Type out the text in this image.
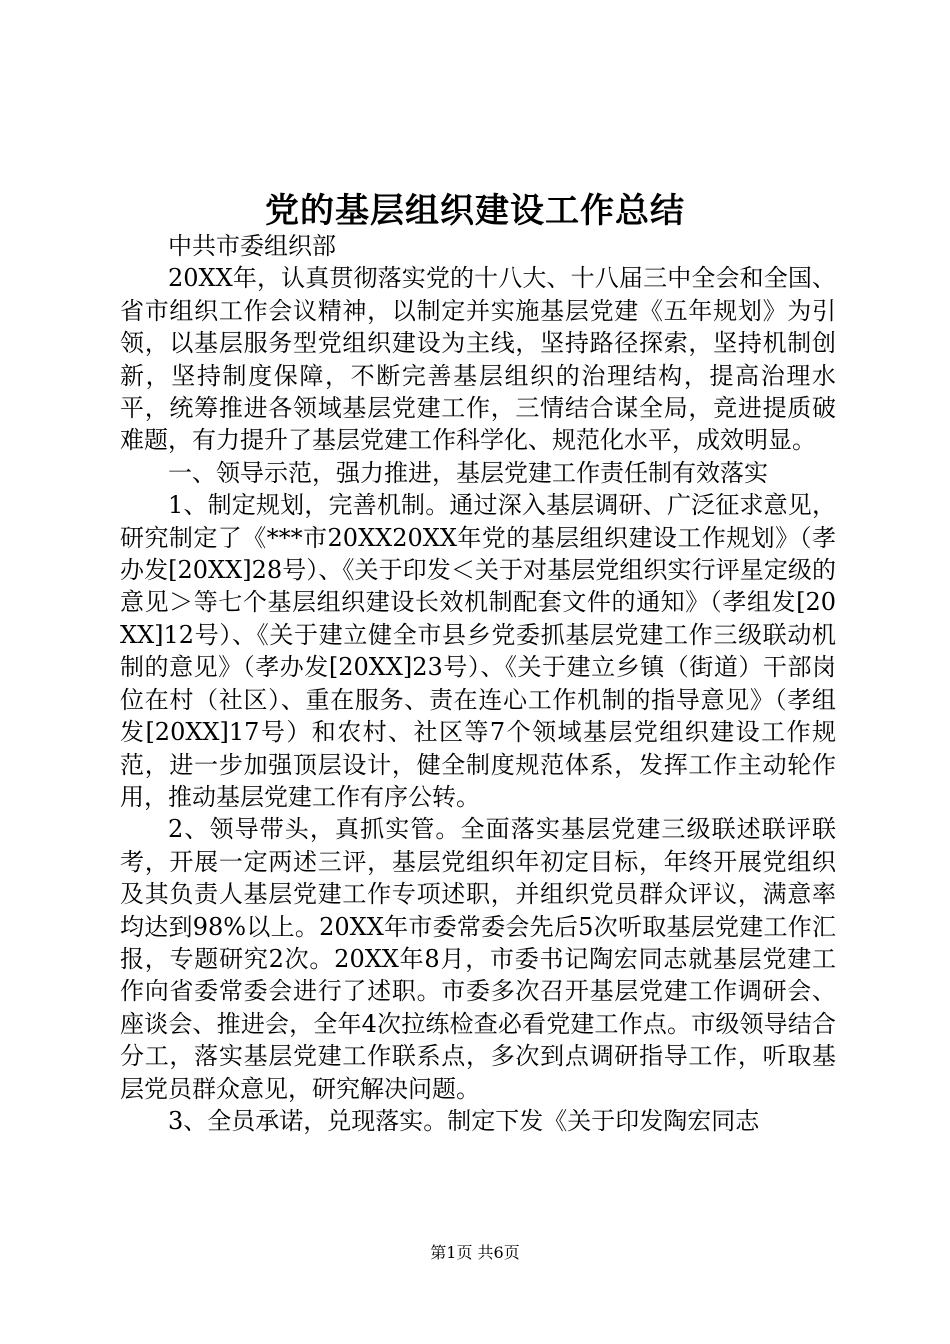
党的基层组织建设工作总结

中共市委组织部

20XX年，认真贯彻落实党的十八大、十八届三中全会和全国、省市组织工作会议精神，以制定并实施基层党建《五年规划》为引领，以基层服务型党组织建设为主线，坚持路径探索，坚持机制创新，坚持制度保障，不断完善基层组织的治理结构，提高治理水平，统筹推进各领域基层党建工作，三情结合谋全局，竞进提质破难题，有力提升了基层党建工作科学化、规范化水平，成效明显。

一、领导示范，强力推进，基层党建工作责任制有效落实

1、制定规划，完善机制。通过深入基层调研、广泛征求意见，研究制定了《***市20XX20XX年党的基层组织建设工作规划》（孝办发[20XX]28号）、《关于印发＜关于对基层党组织实行评星定级的意见＞等七个基层组织建设长效机制配套文件的通知》（孝组发[20XX]12号）、《关于建立健全市县乡党委抓基层党建工作三级联动机制的意见》（孝办发[20XX]23号）、《关于建立乡镇（街道）干部岗位在村（社区）、重在服务、责在连心工作机制的指导意见》（孝组发[20XX]17号）和农村、社区等7个领域基层党组织建设工作规范，进一步加强顶层设计，健全制度规范体系，发挥工作主动轮作用，推动基层党建工作有序公转。

2、领导带头，真抓实管。全面落实基层党建三级联述联评联考，开展一定两述三评，基层党组织年初定目标，年终开展党组织及其负责人基层党建工作专项述职，并组织党员群众评议，满意率均达到98%以上。20XX年市委常委会先后5次听取基层党建工作汇报，专题研究2次。20XX年8月，市委书记陶宏同志就基层党建工作向省委常委会进行了述职。市委多次召开基层党建工作调研会、座谈会、推进会，全年4次拉练检查必看党建工作点。市级领导结合分工，落实基层党建工作联系点，多次到点调研指导工作，听取基层党员群众意见，研究解决问题。

3、全员承诺，兑现落实。制定下发《关于印发陶宏同志

第1页 共6页
